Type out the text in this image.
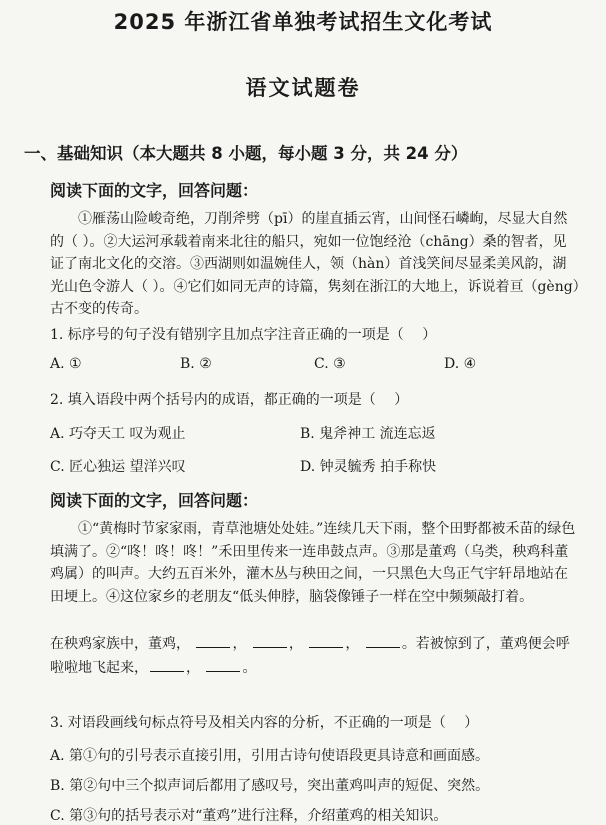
2025 年浙江省单独考试招生文化考试
语文试题卷
一、基础知识（本大题共 8 小题，每小题 3 分，共 24 分）
阅读下面的文字，回答问题：
①雁荡山险峻奇绝，刀削斧劈（pī）的崖直插云宵，山间怪石嶙峋，尽显大自然的（ ）。②大运河承载着南来北往的船只，宛如一位饱经沧（chāng）桑的智者，见证了南北文化的交溶。③西湖则如温婉佳人，领（hàn）首浅笑间尽显柔美风韵，湖光山色令游人（ ）。④它们如同无声的诗篇，隽刻在浙江的大地上，诉说着亘（gèng）古不变的传奇。
1. 标序号的句子没有错别字且加点字注音正确的一项是（　 ）
A. ①	B. ②	C. ③	D. ④
2. 填入语段中两个括号内的成语，都正确的一项是（　 ）
A. 巧夺天工 叹为观止	B. 鬼斧神工 流连忘返
C. 匠心独运 望洋兴叹	D. 钟灵毓秀 拍手称快
阅读下面的文字，回答问题：
①“黄梅时节家家雨，青草池塘处处娃。”连续几天下雨，整个田野都被禾苗的绿色填满了。②“咚！咚！咚！”禾田里传来一连串鼓点声。③那是董鸡（乌类，秧鸡科董鸡属）的叫声。大约五百米外，灌木丛与秧田之间，一只黑色大鸟正气宇轩昂地站在田埂上。④这位家乡的老朋友“低头伸脖，脑袋像锤子一样在空中频频敲打着。
在秧鸡家族中，董鸡，	，	，	，	。若被惊到了，董鸡便会呼啦啦地飞起来，	，	。
3. 对语段画线句标点符号及相关内容的分析，不正确的一项是（　 ）
A. 第①句的引号表示直接引用，引用古诗句使语段更具诗意和画面感。
B. 第②句中三个拟声词后都用了感叹号，突出董鸡叫声的短促、突然。
C. 第③句的括号表示对“董鸡”进行注释，介绍董鸡的相关知识。
